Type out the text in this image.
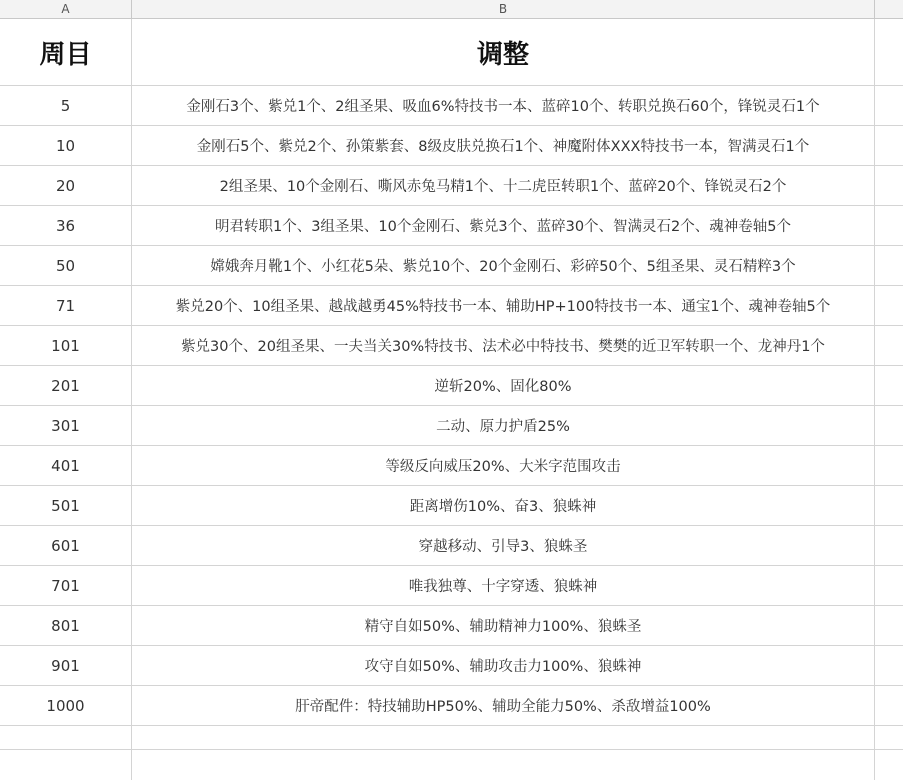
A	B
周目	调整
5	金刚石3个、紫兑1个、2组圣果、吸血6%特技书一本、蓝碎10个、转职兑换石60个，锋锐灵石1个
10	金刚石5个、紫兑2个、孙策紫套、8级皮肤兑换石1个、神魔附体XXX特技书一本，智满灵石1个
20	2组圣果、10个金刚石、嘶风赤兔马精1个、十二虎臣转职1个、蓝碎20个、锋锐灵石2个
36	明君转职1个、3组圣果、10个金刚石、紫兑3个、蓝碎30个、智满灵石2个、魂神卷轴5个
50	嫦娥奔月靴1个、小红花5朵、紫兑10个、20个金刚石、彩碎50个、5组圣果、灵石精粹3个
71	紫兑20个、10组圣果、越战越勇45%特技书一本、辅助HP+100特技书一本、通宝1个、魂神卷轴5个
101	紫兑30个、20组圣果、一夫当关30%特技书、法术必中特技书、樊樊的近卫军转职一个、龙神丹1个
201	逆斩20%、固化80%
301	二动、原力护盾25%
401	等级反向威压20%、大米字范围攻击
501	距离增伤10%、奋3、狼蛛神
601	穿越移动、引导3、狼蛛圣
701	唯我独尊、十字穿透、狼蛛神
801	精守自如50%、辅助精神力100%、狼蛛圣
901	攻守自如50%、辅助攻击力100%、狼蛛神
1000	肝帝配件：特技辅助HP50%、辅助全能力50%、杀敌增益100%
